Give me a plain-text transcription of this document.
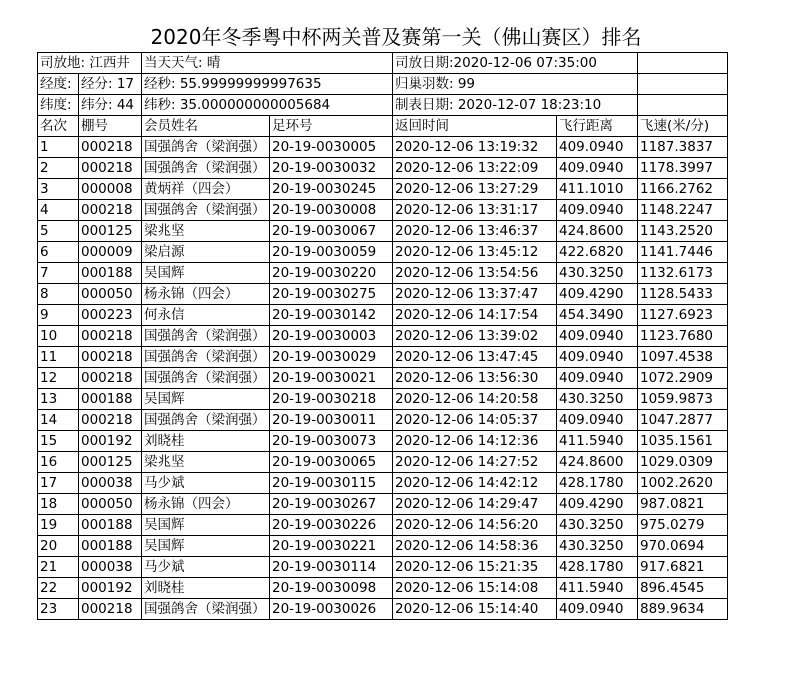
2020年冬季粤中杯两关普及赛第一关（佛山赛区）排名
司放地: 江西井		当天天气: 晴		司放日期:2020-12-06 07:35:00		
经度:	经分: 17	经秒: 55.99999999997635		归巢羽数: 99		
纬度:	纬分: 44	纬秒: 35.000000000005684		制表日期: 2020-12-07 18:23:10		
名次	棚号	会员姓名	足环号	返回时间	飞行距离	飞速(米/分)
1	000218	国强鸽舍（梁润强）	20-19-0030005	2020-12-06 13:19:32	409.0940	1187.3837
2	000218	国强鸽舍（梁润强）	20-19-0030032	2020-12-06 13:22:09	409.0940	1178.3997
3	000008	黄炳祥（四会）	20-19-0030245	2020-12-06 13:27:29	411.1010	1166.2762
4	000218	国强鸽舍（梁润强）	20-19-0030008	2020-12-06 13:31:17	409.0940	1148.2247
5	000125	梁兆坚	20-19-0030067	2020-12-06 13:46:37	424.8600	1143.2520
6	000009	梁启源	20-19-0030059	2020-12-06 13:45:12	422.6820	1141.7446
7	000188	吴国辉	20-19-0030220	2020-12-06 13:54:56	430.3250	1132.6173
8	000050	杨永锦（四会）	20-19-0030275	2020-12-06 13:37:47	409.4290	1128.5433
9	000223	何永信	20-19-0030142	2020-12-06 14:17:54	454.3490	1127.6923
10	000218	国强鸽舍（梁润强）	20-19-0030003	2020-12-06 13:39:02	409.0940	1123.7680
11	000218	国强鸽舍（梁润强）	20-19-0030029	2020-12-06 13:47:45	409.0940	1097.4538
12	000218	国强鸽舍（梁润强）	20-19-0030021	2020-12-06 13:56:30	409.0940	1072.2909
13	000188	吴国辉	20-19-0030218	2020-12-06 14:20:58	430.3250	1059.9873
14	000218	国强鸽舍（梁润强）	20-19-0030011	2020-12-06 14:05:37	409.0940	1047.2877
15	000192	刘晓桂	20-19-0030073	2020-12-06 14:12:36	411.5940	1035.1561
16	000125	梁兆坚	20-19-0030065	2020-12-06 14:27:52	424.8600	1029.0309
17	000038	马少斌	20-19-0030115	2020-12-06 14:42:12	428.1780	1002.2620
18	000050	杨永锦（四会）	20-19-0030267	2020-12-06 14:29:47	409.4290	987.0821
19	000188	吴国辉	20-19-0030226	2020-12-06 14:56:20	430.3250	975.0279
20	000188	吴国辉	20-19-0030221	2020-12-06 14:58:36	430.3250	970.0694
21	000038	马少斌	20-19-0030114	2020-12-06 15:21:35	428.1780	917.6821
22	000192	刘晓桂	20-19-0030098	2020-12-06 15:14:08	411.5940	896.4545
23	000218	国强鸽舍（梁润强）	20-19-0030026	2020-12-06 15:14:40	409.0940	889.9634
